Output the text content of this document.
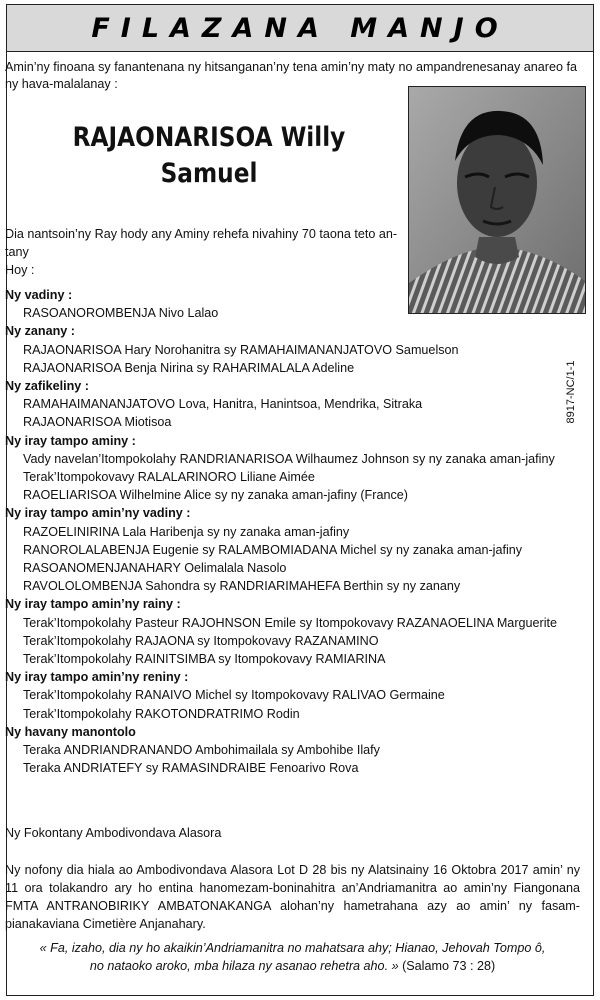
FILAZANA MANJO
Amin’ny finoana sy fanantenana ny hitsanganan’ny tena amin’ny maty no ampandrenesanay anareo fa ny hava-malalanay :
RAJAONARISOA Willy
Samuel
8917-NC/1-1
Dia nantsoin’ny Ray hody any Aminy rehefa nivahiny 70 taona teto an-tany
Hoy :

Ny vadiny :

RASOANOROMBENJA Nivo Lalao

Ny zanany :

RAJAONARISOA Hary Norohanitra sy RAMAHAIMANANJATOVO Samuelson

RAJAONARISOA Benja Nirina sy RAHARIMALALA Adeline

Ny zafikeliny :

RAMAHAIMANANJATOVO Lova, Hanitra, Hanintsoa, Mendrika, Sitraka

RAJAONARISOA Miotisoa

Ny iray tampo aminy :

Vady navelan’Itompokolahy RANDRIANARISOA Wilhaumez Johnson sy ny zanaka aman-jafiny

Terak’Itompokovavy RALALARINORO Liliane Aimée

RAOELIARISOA Wilhelmine Alice sy ny zanaka aman-jafiny (France)

Ny iray tampo amin’ny vadiny :

RAZOELINIRINA Lala Haribenja sy ny zanaka aman-jafiny

RANOROLALABENJA Eugenie sy RALAMBOMIADANA Michel sy ny zanaka aman-jafiny

RASOANOMENJANAHARY Oelimalala Nasolo

RAVOLOLOMBENJA Sahondra sy RANDRIARIMAHEFA Berthin sy ny zanany

Ny iray tampo amin’ny rainy :

Terak’Itompokolahy Pasteur RAJOHNSON Emile sy Itompokovavy RAZANAOELINA Marguerite

Terak’Itompokolahy RAJAONA sy Itompokovavy RAZANAMINO

Terak’Itompokolahy RAINITSIMBA sy Itompokovavy RAMIARINA

Ny iray tampo amin’ny reniny :

Terak’Itompokolahy RANAIVO Michel sy Itompokovavy RALIVAO Germaine

Terak’Itompokolahy RAKOTONDRATRIMO Rodin

Ny havany manontolo

Teraka ANDRIANDRANANDO Ambohimailala sy Ambohibe Ilafy

Teraka ANDRIATEFY sy RAMASINDRAIBE Fenoarivo Rova

Ny Fokontany Ambodivondava Alasora
Ny nofony dia hiala ao Ambodivondava Alasora Lot D 28 bis ny Alatsinainy 16 Oktobra 2017 amin’ ny 11 ora tolakandro ary ho entina hanomezam-boninahitra an’Andriamanitra ao amin’ny Fiangonana FMTA ANTRANOBIRIKY AMBATONAKANGA alohan’ny hametrahana azy ao amin’ ny fasam-pianakaviana Cimetière Anjanahary.
« Fa, izaho, dia ny ho akaikin’Andriamanitra no mahatsara ahy; Hianao, Jehovah Tompo ô,
no nataoko aroko, mba hilaza ny asanao rehetra aho. » (Salamo 73 : 28)
